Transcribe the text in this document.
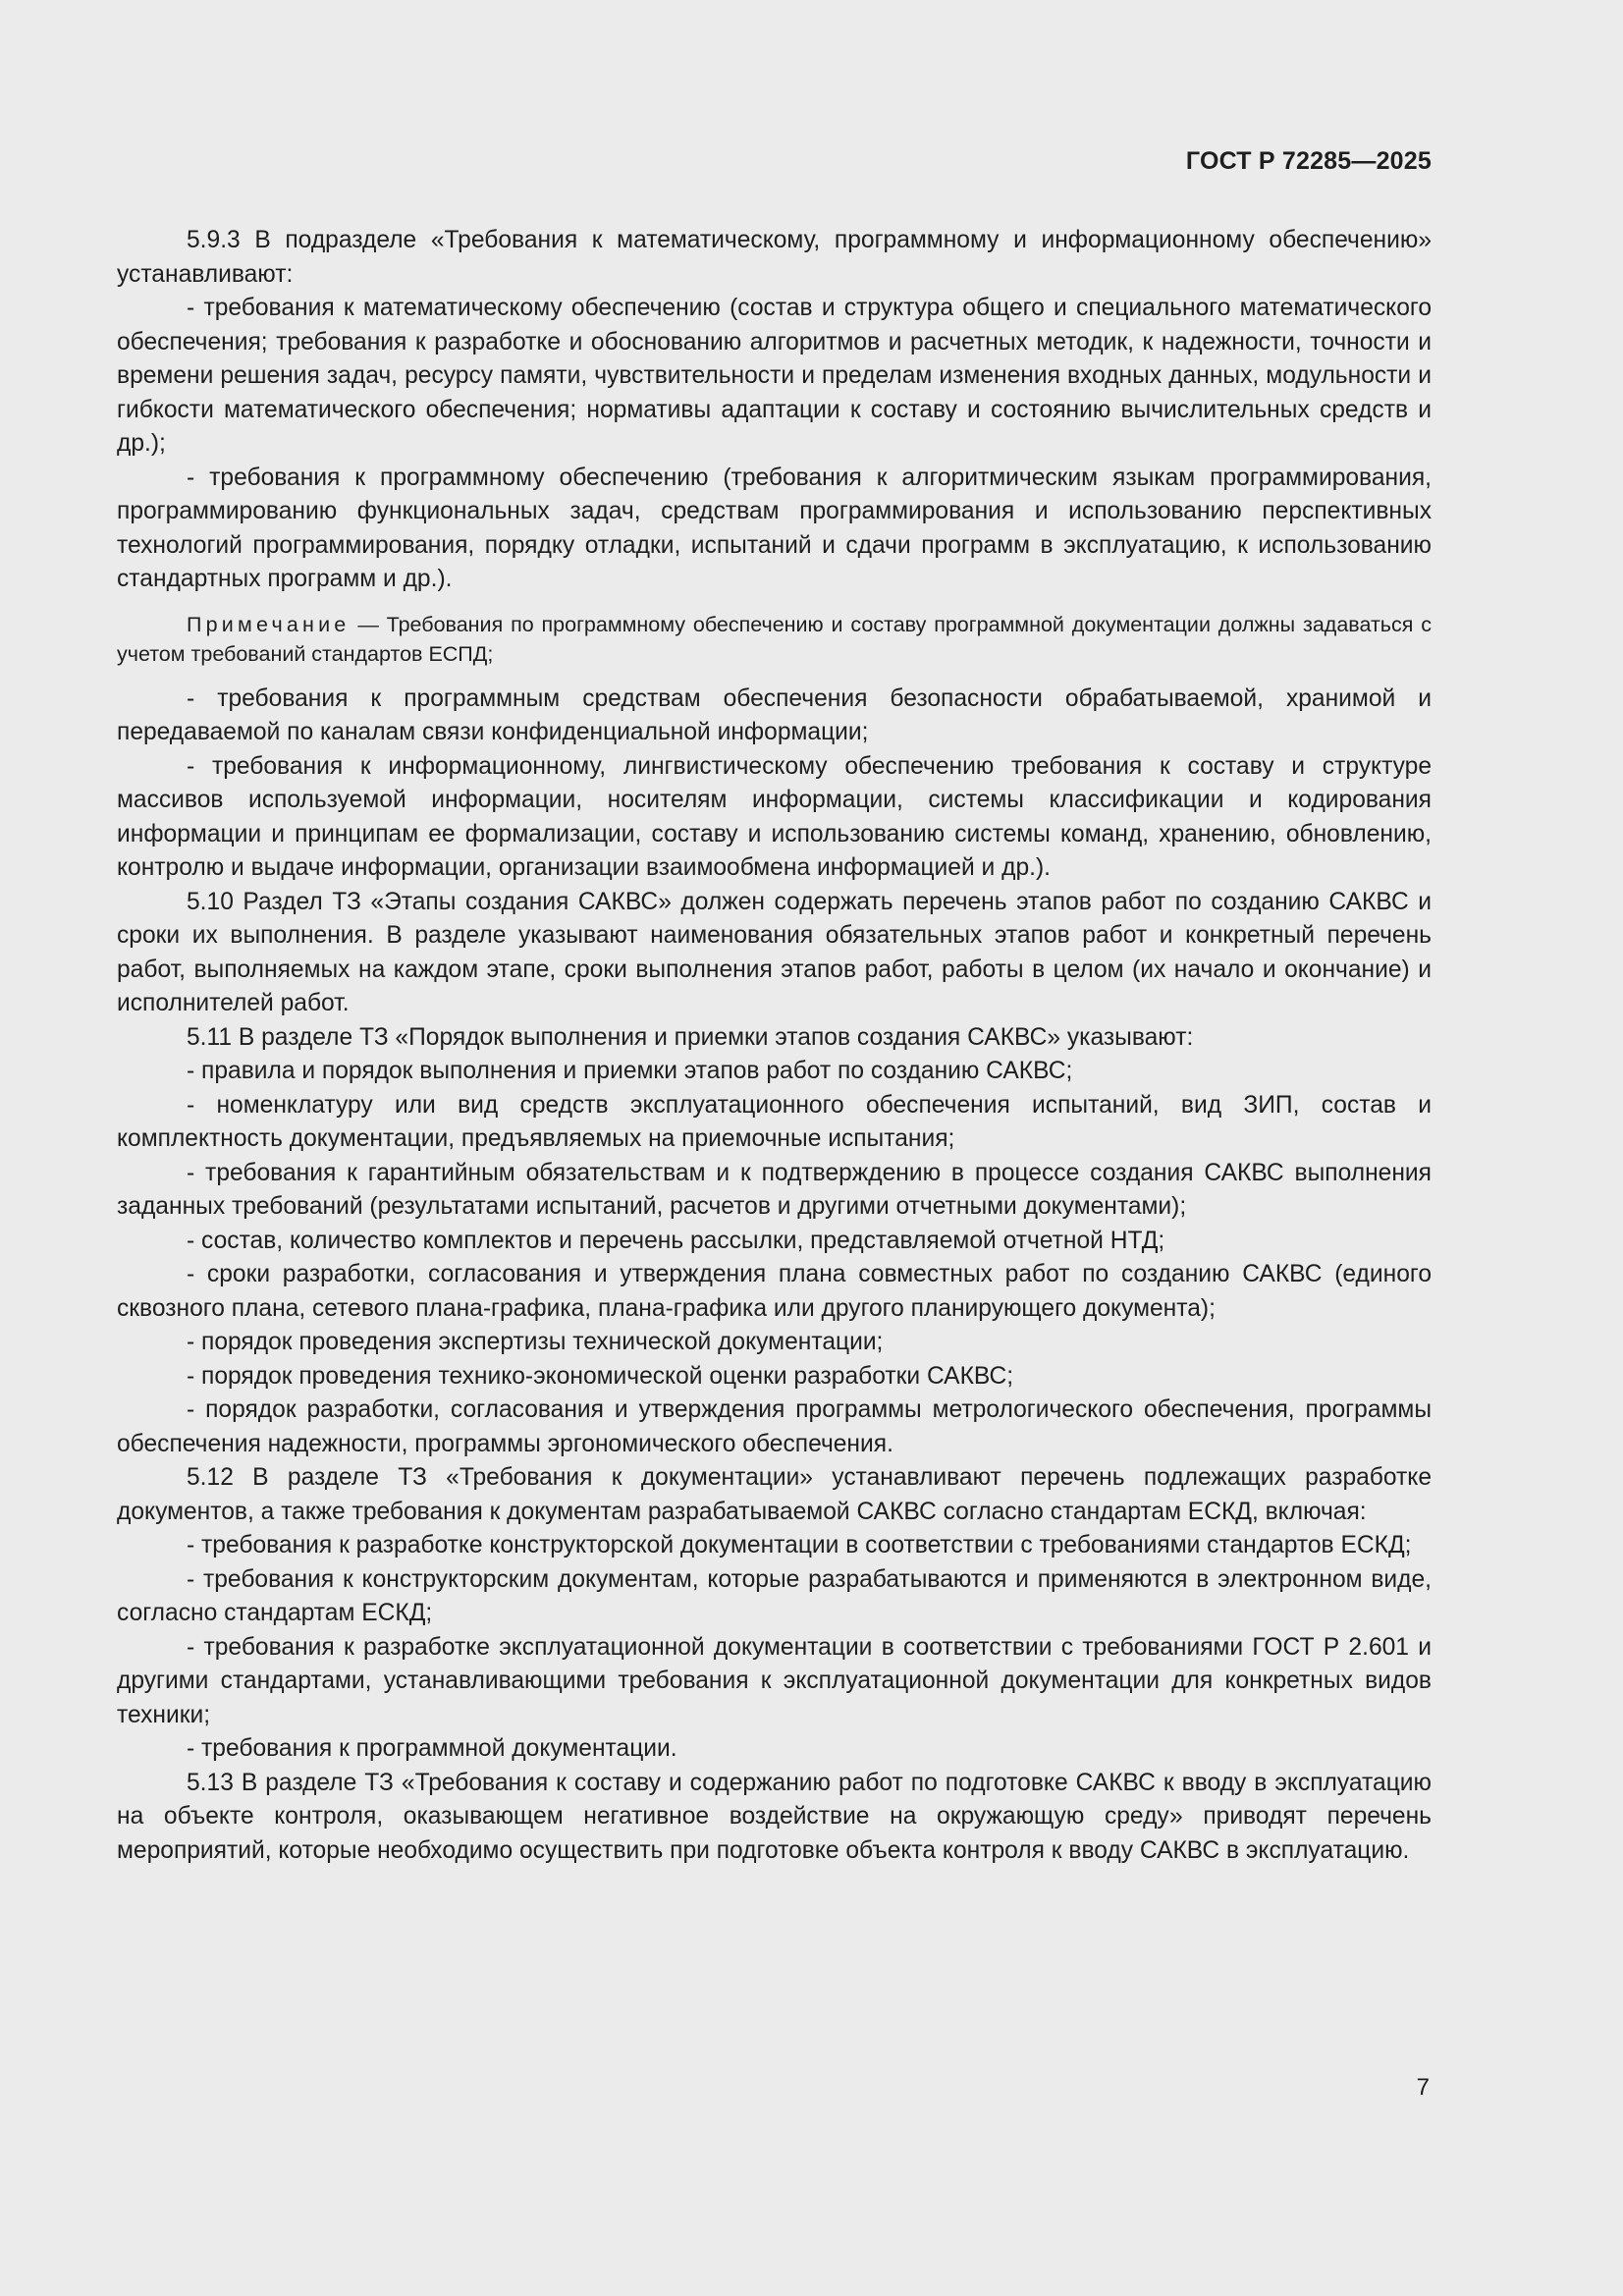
ГОСТ Р 72285—2025

5.9.3 В подразделе «Требования к математическому, программному и информационному обеспечению» устанавливают:

- требования к математическому обеспечению (состав и структура общего и специального математического обеспечения; требования к разработке и обоснованию алгоритмов и расчетных методик, к надежности, точности и времени решения задач, ресурсу памяти, чувствительности и пределам изменения входных данных, модульности и гибкости математического обеспечения; нормативы адаптации к составу и состоянию вычислительных средств и др.);

- требования к программному обеспечению (требования к алгоритмическим языкам программирования, программированию функциональных задач, средствам программирования и использованию перспективных технологий программирования, порядку отладки, испытаний и сдачи программ в эксплуатацию, к использованию стандартных программ и др.).

Примечание — Требования по программному обеспечению и составу программной документации должны задаваться с учетом требований стандартов ЕСПД;

- требования к программным средствам обеспечения безопасности обрабатываемой, хранимой и передаваемой по каналам связи конфиденциальной информации;

- требования к информационному, лингвистическому обеспечению требования к составу и структуре массивов используемой информации, носителям информации, системы классификации и кодирования информации и принципам ее формализации, составу и использованию системы команд, хранению, обновлению, контролю и выдаче информации, организации взаимообмена информацией и др.).

5.10 Раздел ТЗ «Этапы создания САКВС» должен содержать перечень этапов работ по созданию САКВС и сроки их выполнения. В разделе указывают наименования обязательных этапов работ и конкретный перечень работ, выполняемых на каждом этапе, сроки выполнения этапов работ, работы в целом (их начало и окончание) и исполнителей работ.

5.11 В разделе ТЗ «Порядок выполнения и приемки этапов создания САКВС» указывают:

- правила и порядок выполнения и приемки этапов работ по созданию САКВС;

- номенклатуру или вид средств эксплуатационного обеспечения испытаний, вид ЗИП, состав и комплектность документации, предъявляемых на приемочные испытания;

- требования к гарантийным обязательствам и к подтверждению в процессе создания САКВС выполнения заданных требований (результатами испытаний, расчетов и другими отчетными документами);

- состав, количество комплектов и перечень рассылки, представляемой отчетной НТД;

- сроки разработки, согласования и утверждения плана совместных работ по созданию САКВС (единого сквозного плана, сетевого плана-графика, плана-графика или другого планирующего документа);

- порядок проведения экспертизы технической документации;

- порядок проведения технико-экономической оценки разработки САКВС;

- порядок разработки, согласования и утверждения программы метрологического обеспечения, программы обеспечения надежности, программы эргономического обеспечения.

5.12 В разделе ТЗ «Требования к документации» устанавливают перечень подлежащих разработке документов, а также требования к документам разрабатываемой САКВС согласно стандартам ЕСКД, включая:

- требования к разработке конструкторской документации в соответствии с требованиями стандартов ЕСКД;

- требования к конструкторским документам, которые разрабатываются и применяются в электронном виде, согласно стандартам ЕСКД;

- требования к разработке эксплуатационной документации в соответствии с требованиями ГОСТ Р 2.601 и другими стандартами, устанавливающими требования к эксплуатационной документации для конкретных видов техники;

- требования к программной документации.

5.13 В разделе ТЗ «Требования к составу и содержанию работ по подготовке САКВС к вводу в эксплуатацию на объекте контроля, оказывающем негативное воздействие на окружающую среду» приводят перечень мероприятий, которые необходимо осуществить при подготовке объекта контроля к вводу САКВС в эксплуатацию.

7
